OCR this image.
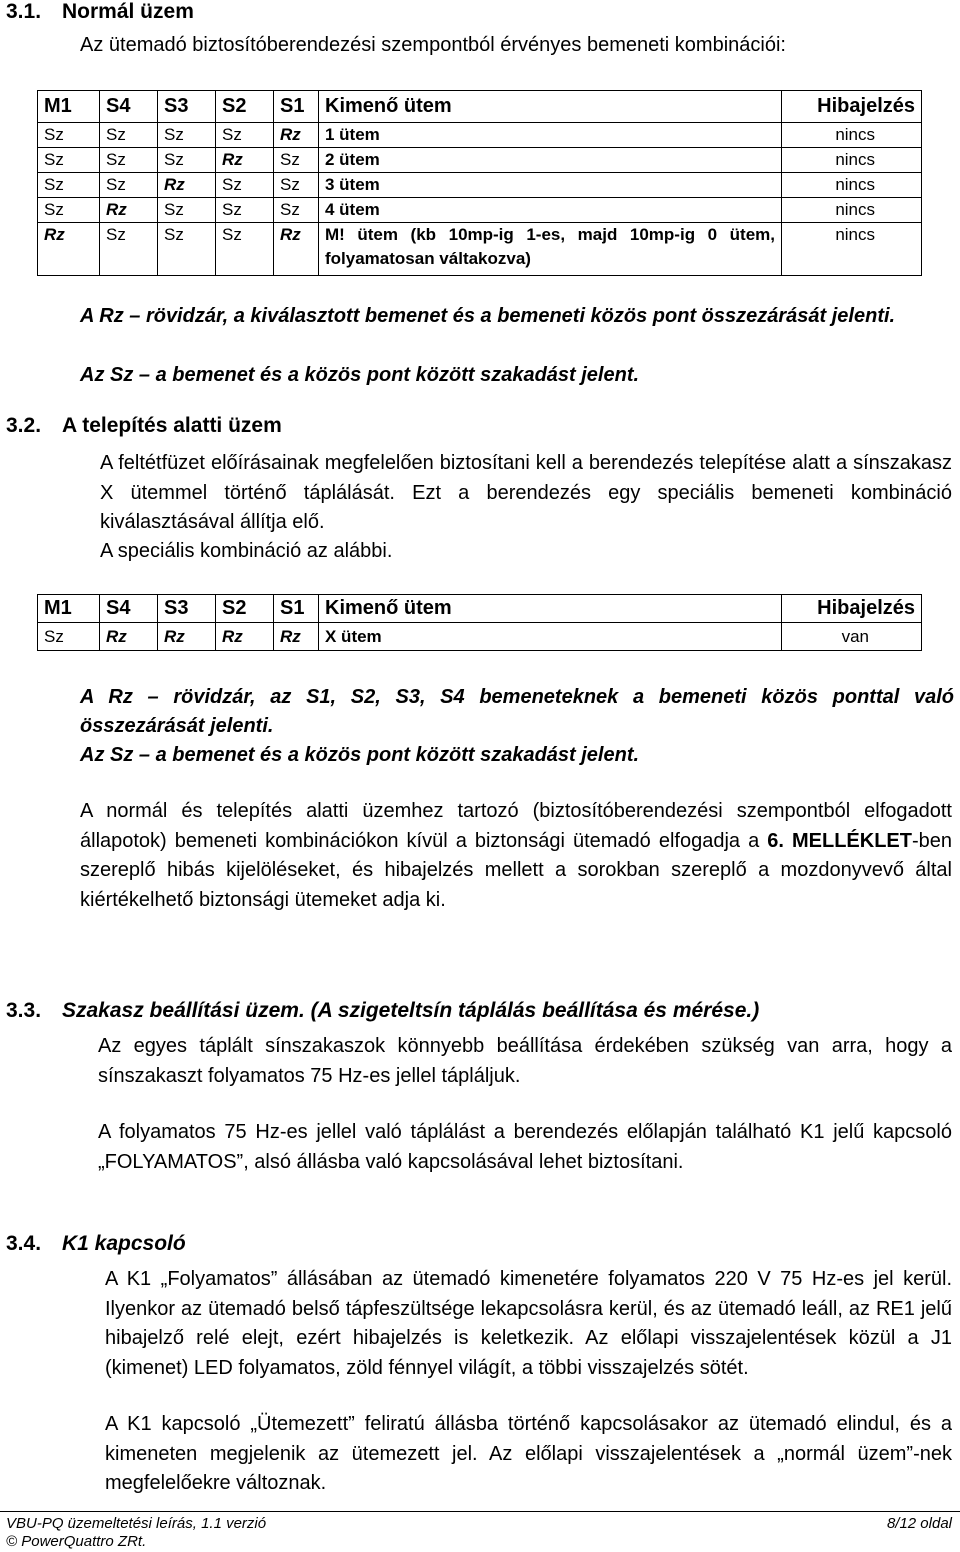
3.1. Normál üzem

Az ütemadó biztosítóberendezési szempontból érvényes bemeneti kombinációi:

M1	S4	S3	S2	S1	Kimenő ütem	Hibajelzés
Sz	Sz	Sz	Sz	Rz	1 ütem	nincs
Sz	Sz	Sz	Rz	Sz	2 ütem	nincs
Sz	Sz	Rz	Sz	Sz	3 ütem	nincs
Sz	Rz	Sz	Sz	Sz	4 ütem	nincs
Rz	Sz	Sz	Sz	Rz	M! ütem (kb 10mp-ig 1-es, majd 10mp-ig 0 ütem, folyamatosan váltakozva)	nincs

A Rz – rövidzár, a kiválasztott bemenet és a bemeneti közös pont összezárását jelenti.

Az Sz – a bemenet és a közös pont között szakadást jelent.

3.2. A telepítés alatti üzem

A feltétfüzet előírásainak megfelelően biztosítani kell a berendezés telepítése alatt a sínszakasz X ütemmel történő táplálását. Ezt a berendezés egy speciális bemeneti kombináció kiválasztásával állítja elő.

A speciális kombináció az alábbi.

M1	S4	S3	S2	S1	Kimenő ütem	Hibajelzés
Sz	Rz	Rz	Rz	Rz	X ütem	van

A Rz – rövidzár, az S1, S2, S3, S4 bemeneteknek a bemeneti közös ponttal való összezárását jelenti.

Az Sz – a bemenet és a közös pont között szakadást jelent.

A normál és telepítés alatti üzemhez tartozó (biztosítóberendezési szempontból elfogadott állapotok) bemeneti kombinációkon kívül a biztonsági ütemadó elfogadja a 6. MELLÉKLET-ben szereplő hibás kijelöléseket, és hibajelzés mellett a sorokban szereplő a mozdonyvevő által kiértékelhető biztonsági ütemeket adja ki.

3.3. Szakasz beállítási üzem. (A szigeteltsín táplálás beállítása és mérése.)

Az egyes táplált sínszakaszok könnyebb beállítása érdekében szükség van arra, hogy a sínszakaszt folyamatos 75 Hz-es jellel tápláljuk.

A folyamatos 75 Hz-es jellel való táplálást a berendezés előlapján található K1 jelű kapcsoló „FOLYAMATOS”, alsó állásba való kapcsolásával lehet biztosítani.

3.4. K1 kapcsoló

A K1 „Folyamatos” állásában az ütemadó kimenetére folyamatos 220 V 75 Hz-es jel kerül. Ilyenkor az ütemadó belső tápfeszültsége lekapcsolásra kerül, és az ütemadó leáll, az RE1 jelű hibajelző relé elejt, ezért hibajelzés is keletkezik. Az előlapi visszajelentések közül a J1 (kimenet) LED folyamatos, zöld fénnyel világít, a többi visszajelzés sötét.

A K1 kapcsoló „Ütemezett” feliratú állásba történő kapcsolásakor az ütemadó elindul, és a kimeneten megjelenik az ütemezett jel. Az előlapi visszajelentések a „normál üzem”-nek megfelelőekre változnak.

VBU-PQ üzemeltetési leírás, 1.1 verzió
© PowerQuattro ZRt.
8/12 oldal
